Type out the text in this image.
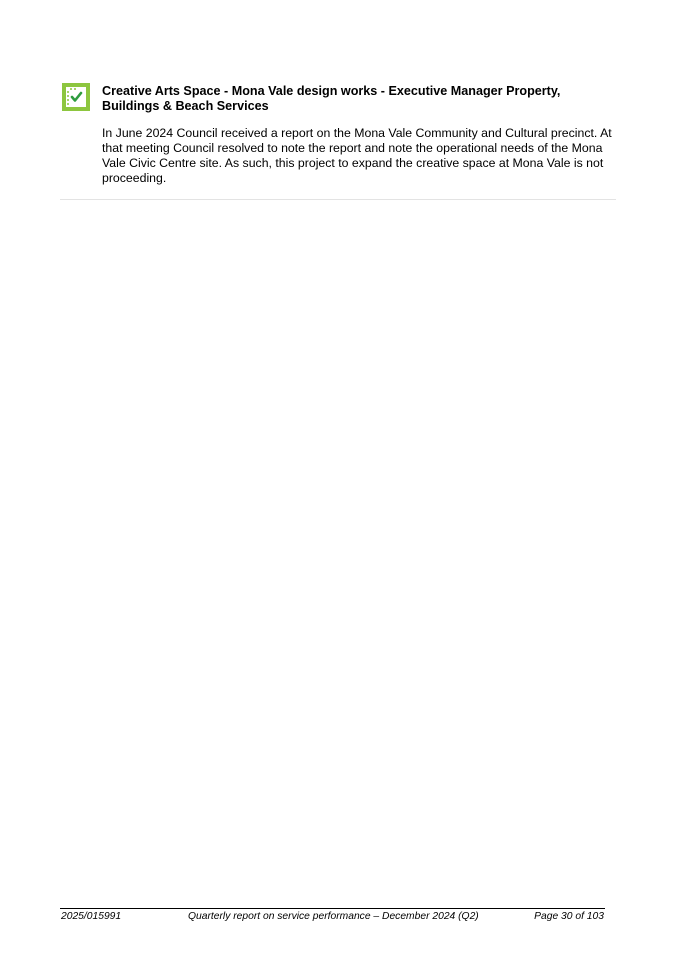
Creative Arts Space - Mona Vale design works - Executive Manager Property, Buildings & Beach Services

In June 2024 Council received a report on the Mona Vale Community and Cultural precinct. At that meeting Council resolved to note the report and note the operational needs of the Mona Vale Civic Centre site. As such, this project to expand the creative space at Mona Vale is not proceeding.

2025/015991	Quarterly report on service performance – December 2024 (Q2)	Page 30 of 103
